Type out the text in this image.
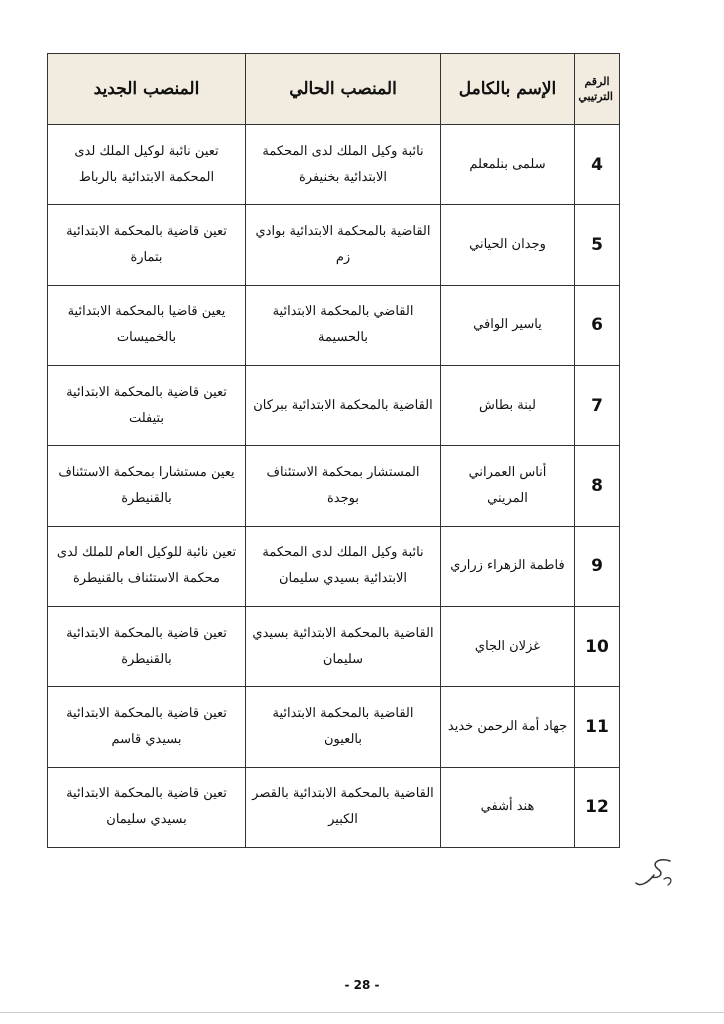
الرقم الترتيبي	الإسم بالكامل	المنصب الحالي	المنصب الجديد
4	سلمى بنلمعلم	نائبة وكيل الملك لدى المحكمة الابتدائية بخنيفرة	تعين نائبة لوكيل الملك لدى المحكمة الابتدائية بالرباط
5	وجدان الحياني	القاضية بالمحكمة الابتدائية بوادي زم	تعين قاضية بالمحكمة الابتدائية بتمارة
6	ياسير الوافي	القاضي بالمحكمة الابتدائية بالحسيمة	يعين قاضيا بالمحكمة الابتدائية بالخميسات
7	لبنة بطاش	القاضية بالمحكمة الابتدائية ببركان	تعين قاضية بالمحكمة الابتدائية بتيفلت
8	أناس العمراني المريني	المستشار بمحكمة الاستئناف بوجدة	يعين مستشارا بمحكمة الاستئناف بالقنيطرة
9	فاطمة الزهراء زراري	نائبة وكيل الملك لدى المحكمة الابتدائية بسيدي سليمان	تعين نائبة للوكيل العام للملك لدى محكمة الاستئناف بالقنيطرة
10	غزلان الجاي	القاضية بالمحكمة الابتدائية بسيدي سليمان	تعين قاضية بالمحكمة الابتدائية بالقنيطرة
11	جهاد أمة الرحمن خديد	القاضية بالمحكمة الابتدائية بالعيون	تعين قاضية بالمحكمة الابتدائية بسيدي قاسم
12	هند أشفي	القاضية بالمحكمة الابتدائية بالقصر الكبير	تعين قاضية بالمحكمة الابتدائية بسيدي سليمان
- 28 -
